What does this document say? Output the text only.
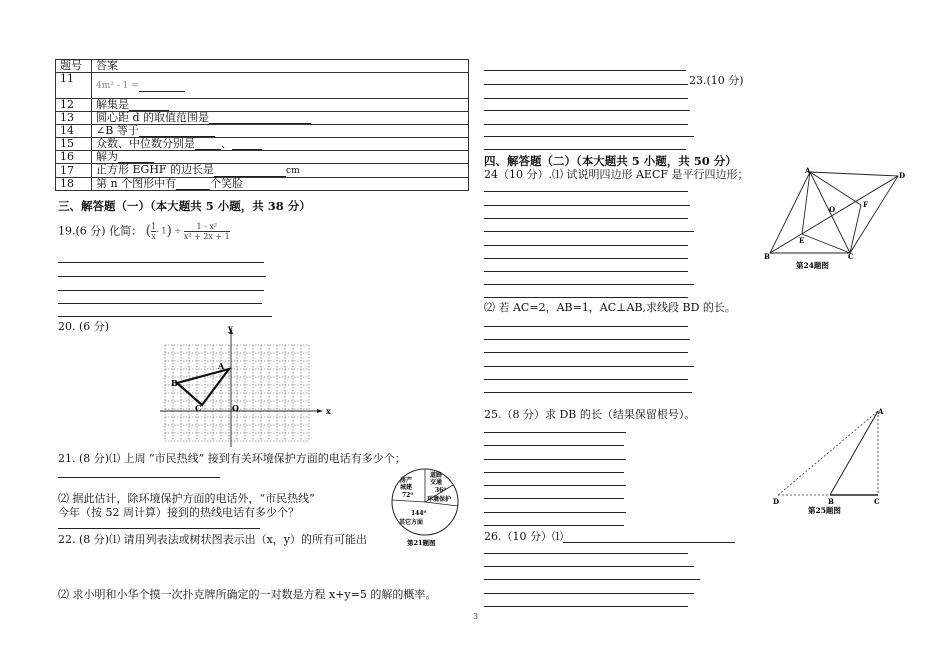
题号	答案
11	4m² - 1 =
12	解集是
13	圆心距 d 的取值范围是
14	∠B 等于
15	众数、中位数分别是 、
16	解为
17	正方形 EGHF 的边长是 cm
18	第 n 个图形中有 个笑脸
三、解答题（一）（本大题共 5 小题，共 38 分）
19.(6 分) 化简： ( $\frac{1}{x} - 1) \div \frac{\text{1 - x²}}{\text{x² + 2x + 1}}$
20. (6 分)
x
y
O
A
B
C
21. (8 分)⑴ 上周 “市民热线” 接到有关环境保护方面的电话有多少个；
⑵ 据此估计，除环境保护方面的电话外，“市民热线”
今年（按 52 周计算）接到的热线电话有多少个？
房产
城建
道路
交通
环境保护
其它方面
72⁰
36⁰
144⁰
第21题图
22. (8 分)⑴ 请用列表法或树状图表示出（x，y）的所有可能出
⑵ 求小明和小华个摸一次扑克牌所确定的一对数是方程 x+y=5 的解的概率。
23.(10 分)
四、解答题（二）（本大题共 5 小题，共 50 分）
24（10 分）.⑴ 试说明四边形 AECF 是平行四边形；
⑵ 若 AC=2，AB=1，AC⊥AB,求线段 BD 的长。
A
D
B	C
O
E
F
第24题图
25.（8 分）求 DB 的长（结果保留根号）。	A
D	B	C
第25题图
26.（10 分）⑴
3
